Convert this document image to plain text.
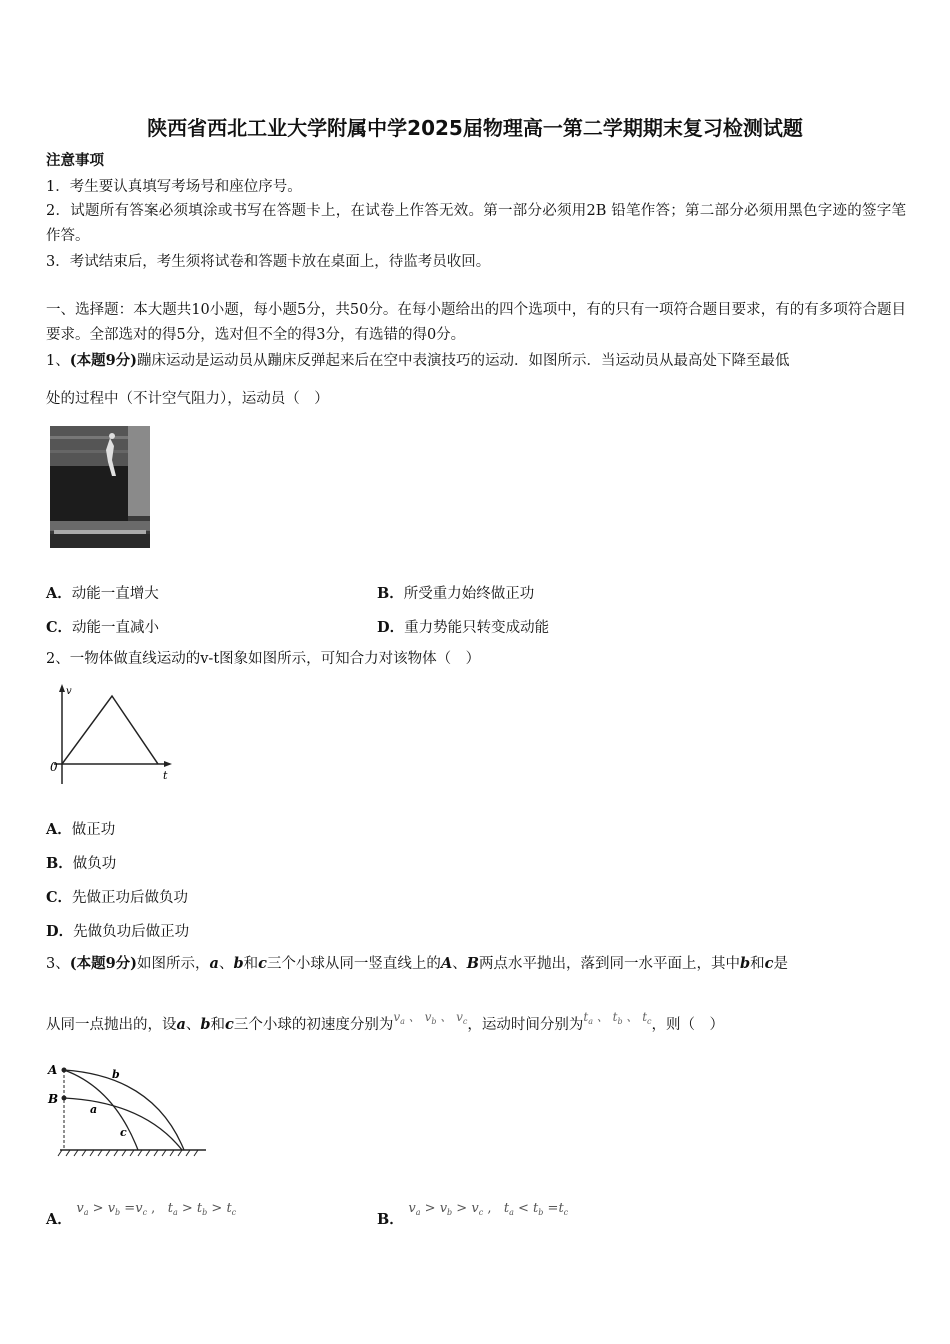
陕西省西北工业大学附属中学2025届物理高一第二学期期末复习检测试题
注意事项
1．考生要认真填写考场号和座位序号。
2．试题所有答案必须填涂或书写在答题卡上，在试卷上作答无效。第一部分必须用2B 铅笔作答；第二部分必须用黑色字迹的签字笔作答。
3．考试结束后，考生须将试卷和答题卡放在桌面上，待监考员收回。
一、选择题：本大题共10小题，每小题5分，共50分。在每小题给出的四个选项中，有的只有一项符合题目要求，有的有多项符合题目要求。全部选对的得5分，选对但不全的得3分，有选错的得0分。
1、(本题9分)蹦床运动是运动员从蹦床反弹起来后在空中表演技巧的运动．如图所示．当运动员从最高处下降至最低
处的过程中（不计空气阻力），运动员（　）
A．动能一直增大	B．所受重力始终做正功
C．动能一直减小	D．重力势能只转变成动能
2、一物体做直线运动的v-t图象如图所示，可知合力对该物体（　）
v
t
0
A．做正功
B．做负功
C．先做正功后做负功
D．先做负功后做正功
3、(本题9分)如图所示，a、b和c三个小球从同一竖直线上的A、B两点水平抛出，落到同一水平面上，其中b和c是
从同一点抛出的，设a、b和c三个小球的初速度分别为$^{v_a 、 v_b 、 v_c}$，运动时间分别为$^{t_a 、 t_b 、 t_c}$，则（　）
A
B
b
a
c
A． $v_a > v_b =v_c$ ,   $t_a > t_b > t_c$	B． $v_a > v_b > v_c$ ,   $t_a < t_b =t_c$
